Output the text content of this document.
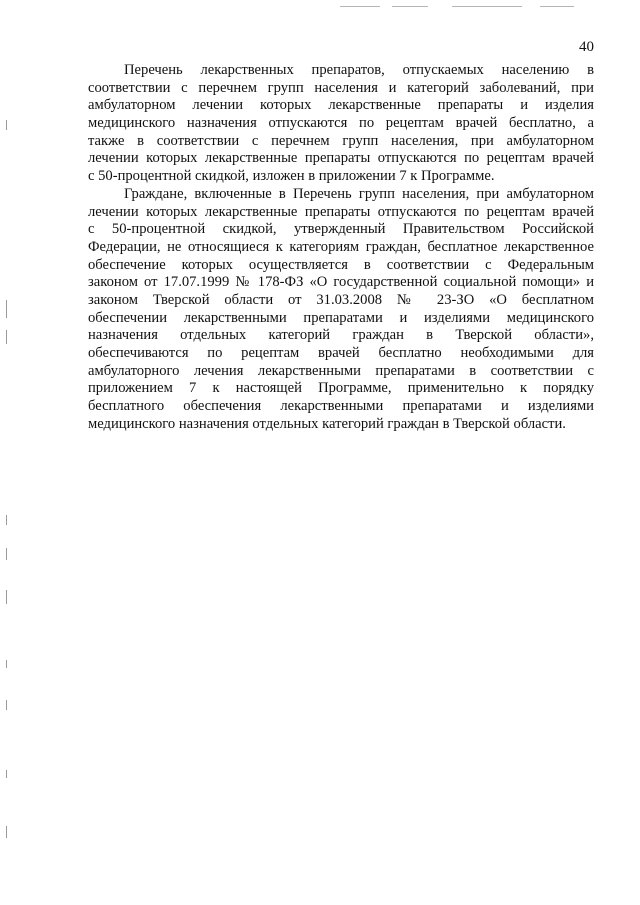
40
Перечень лекарственных препаратов, отпускаемых населению в
соответствии с перечнем групп населения и категорий заболеваний, при
амбулаторном лечении которых лекарственные препараты и изделия
медицинского назначения отпускаются по рецептам врачей бесплатно, а
также в соответствии с перечнем групп населения, при амбулаторном
лечении которых лекарственные препараты отпускаются по рецептам врачей
с 50-процентной скидкой, изложен в приложении 7 к Программе.
Граждане, включенные в Перечень групп населения, при амбулаторном
лечении которых лекарственные препараты отпускаются по рецептам врачей
с 50-процентной скидкой, утвержденный Правительством Российской
Федерации, не относящиеся к категориям граждан, бесплатное лекарственное
обеспечение которых осуществляется в соответствии с Федеральным
законом от 17.07.1999 № 178-ФЗ «О государственной социальной помощи» и
законом Тверской области от 31.03.2008 № 23-ЗО «О бесплатном
обеспечении лекарственными препаратами и изделиями медицинского
назначения отдельных категорий граждан в Тверской области»,
обеспечиваются по рецептам врачей бесплатно необходимыми для
амбулаторного лечения лекарственными препаратами в соответствии с
приложением 7 к настоящей Программе, применительно к порядку
бесплатного обеспечения лекарственными препаратами и изделиями
медицинского назначения отдельных категорий граждан в Тверской области.
